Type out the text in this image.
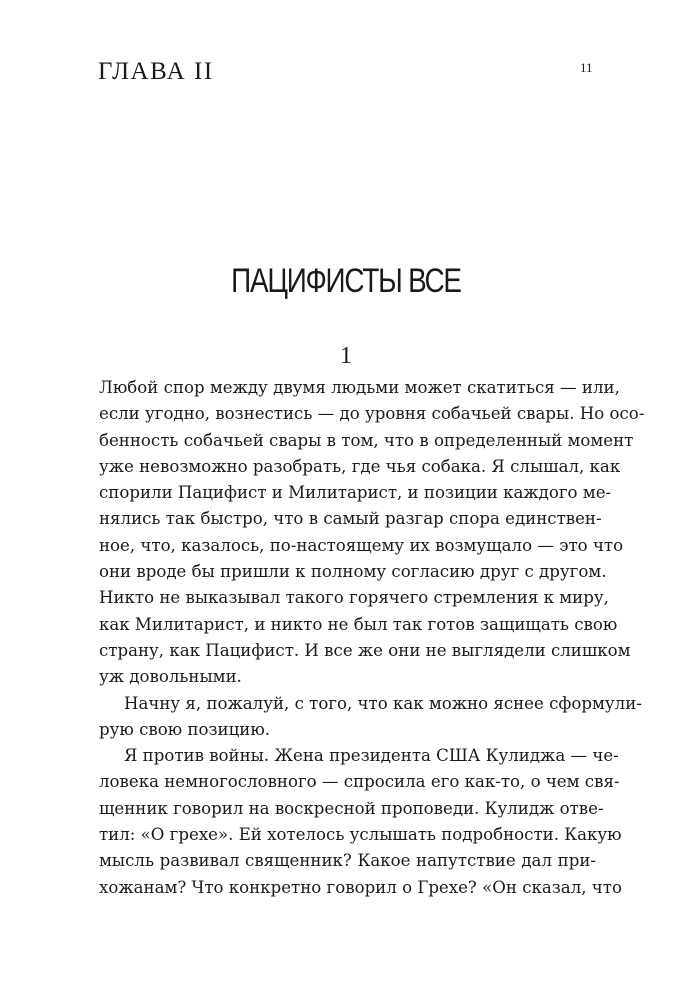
ГЛАВА II	11
ПАЦИФИСТЫ ВСЕ
1
Любой спор между двумя людьми может скатиться — или,
если угодно, вознестись — до уровня собачьей свары. Но осо-
бенность собачьей свары в том, что в определенный момент
уже невозможно разобрать, где чья собака. Я слышал, как
спорили Пацифист и Милитарист, и позиции каждого ме-
нялись так быстро, что в самый разгар спора единствен-
ное, что, казалось, по-настоящему их возмущало — это что
они вроде бы пришли к полному согласию друг с другом.
Никто не выказывал такого горячего стремления к миру,
как Милитарист, и никто не был так готов защищать свою
страну, как Пацифист. И все же они не выглядели слишком
уж довольными.
Начну я, пожалуй, с того, что как можно яснее сформули-
рую свою позицию.
Я против войны. Жена президента США Кулиджа — че-
ловека немногословного — спросила его как-то, о чем свя-
щенник говорил на воскресной проповеди. Кулидж отве-
тил: «О грехе». Ей хотелось услышать подробности. Какую
мысль развивал священник? Какое напутствие дал при-
хожанам? Что конкретно говорил о Грехе? «Он сказал, что
